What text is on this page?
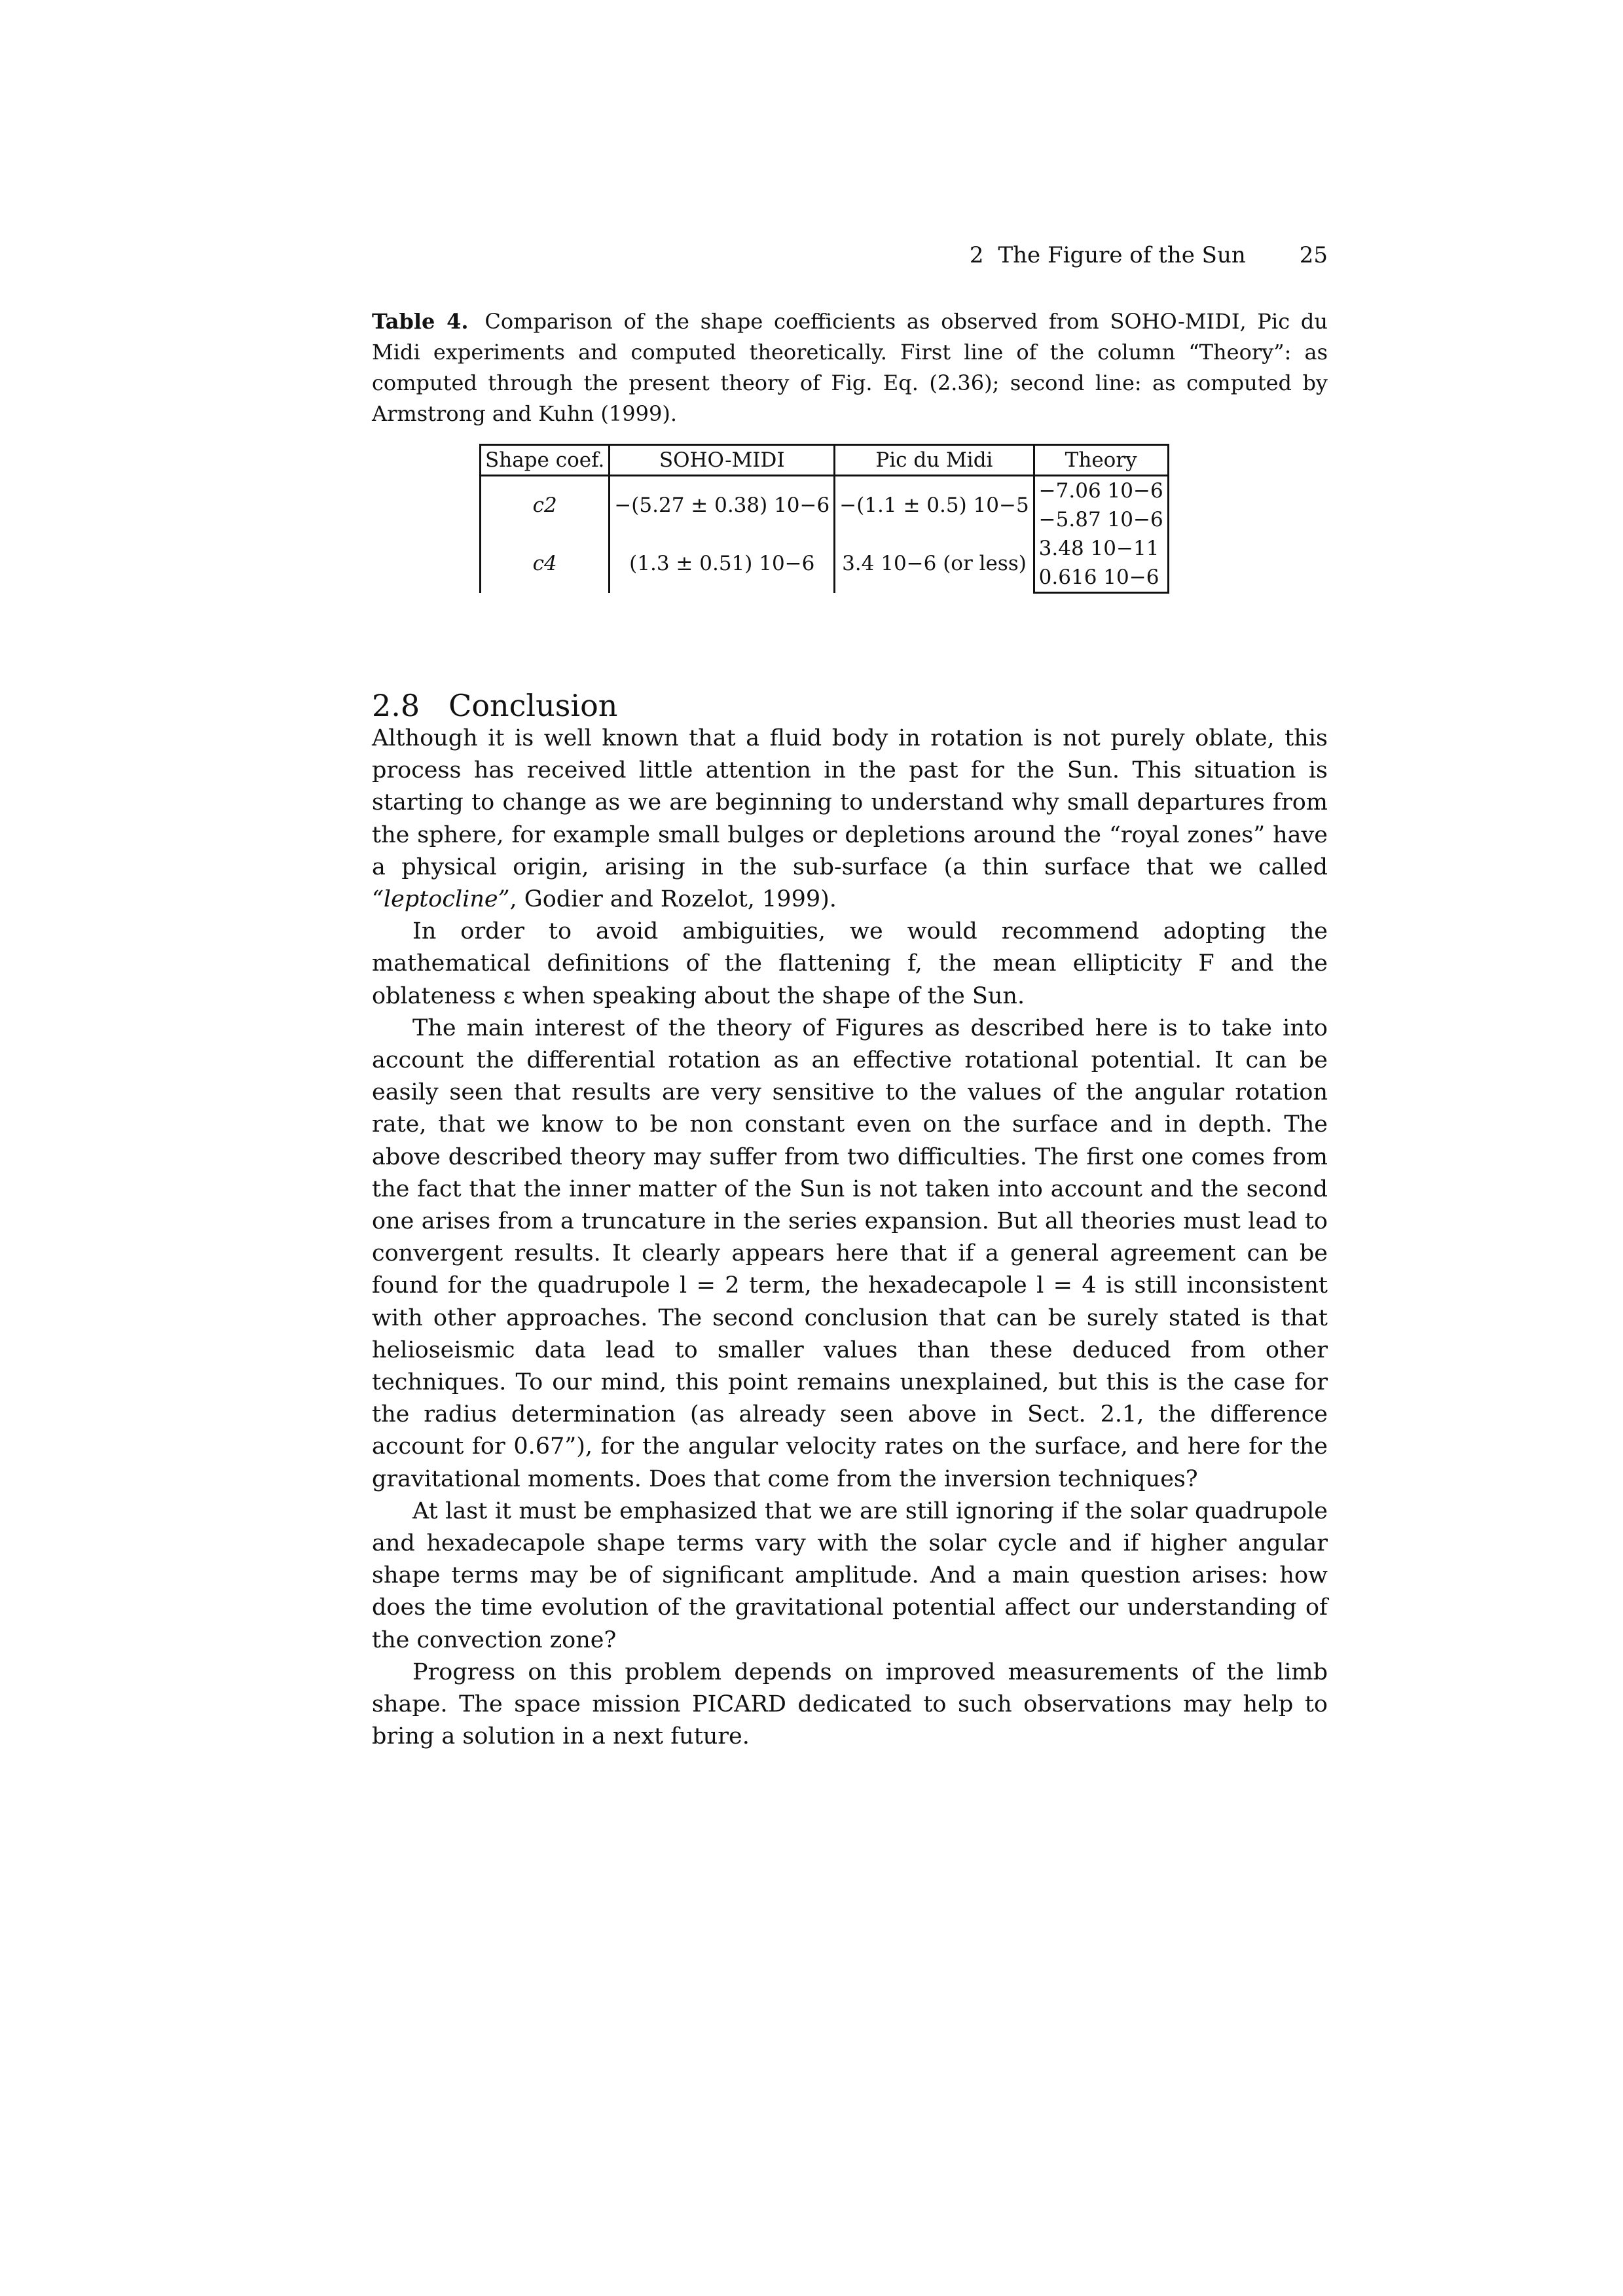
2 The Figure of the Sun 25
Table 4. Comparison of the shape coefficients as observed from SOHO-MIDI, Pic du Midi experiments and computed theoretically. First line of the column “Theory”: as computed through the present theory of Fig. Eq. (2.36); second line: as computed by Armstrong and Kuhn (1999).
Shape coef.	SOHO-MIDI	Pic du Midi	Theory
c2	−(5.27 ± 0.38) 10−6	−(1.1 ± 0.5) 10−5	−7.06 10−6
			−5.87 10−6
c4	(1.3 ± 0.51) 10−6	3.4 10−6 (or less)	3.48 10−11
			0.616 10−6
2.8 Conclusion

Although it is well known that a fluid body in rotation is not purely oblate, this process has received little attention in the past for the Sun. This situation is starting to change as we are beginning to understand why small departures from the sphere, for example small bulges or depletions around the “royal zones” have a physical origin, arising in the sub-surface (a thin surface that we called “leptocline”, Godier and Rozelot, 1999).

In order to avoid ambiguities, we would recommend adopting the mathematical definitions of the flattening f, the mean ellipticity F and the oblateness ε when speaking about the shape of the Sun.

The main interest of the theory of Figures as described here is to take into account the differential rotation as an effective rotational potential. It can be easily seen that results are very sensitive to the values of the angular rotation rate, that we know to be non constant even on the surface and in depth. The above described theory may suffer from two difficulties. The first one comes from the fact that the inner matter of the Sun is not taken into account and the second one arises from a truncature in the series expansion. But all theories must lead to convergent results. It clearly appears here that if a general agreement can be found for the quadrupole l = 2 term, the hexadecapole l = 4 is still inconsistent with other approaches. The second conclusion that can be surely stated is that helioseismic data lead to smaller values than these deduced from other techniques. To our mind, this point remains unexplained, but this is the case for the radius determination (as already seen above in Sect. 2.1, the difference account for 0.67”), for the angular velocity rates on the surface, and here for the gravitational moments. Does that come from the inversion techniques?

At last it must be emphasized that we are still ignoring if the solar quadrupole and hexadecapole shape terms vary with the solar cycle and if higher angular shape terms may be of significant amplitude. And a main question arises: how does the time evolution of the gravitational potential affect our understanding of the convection zone?

Progress on this problem depends on improved measurements of the limb shape. The space mission PICARD dedicated to such observations may help to bring a solution in a next future.
